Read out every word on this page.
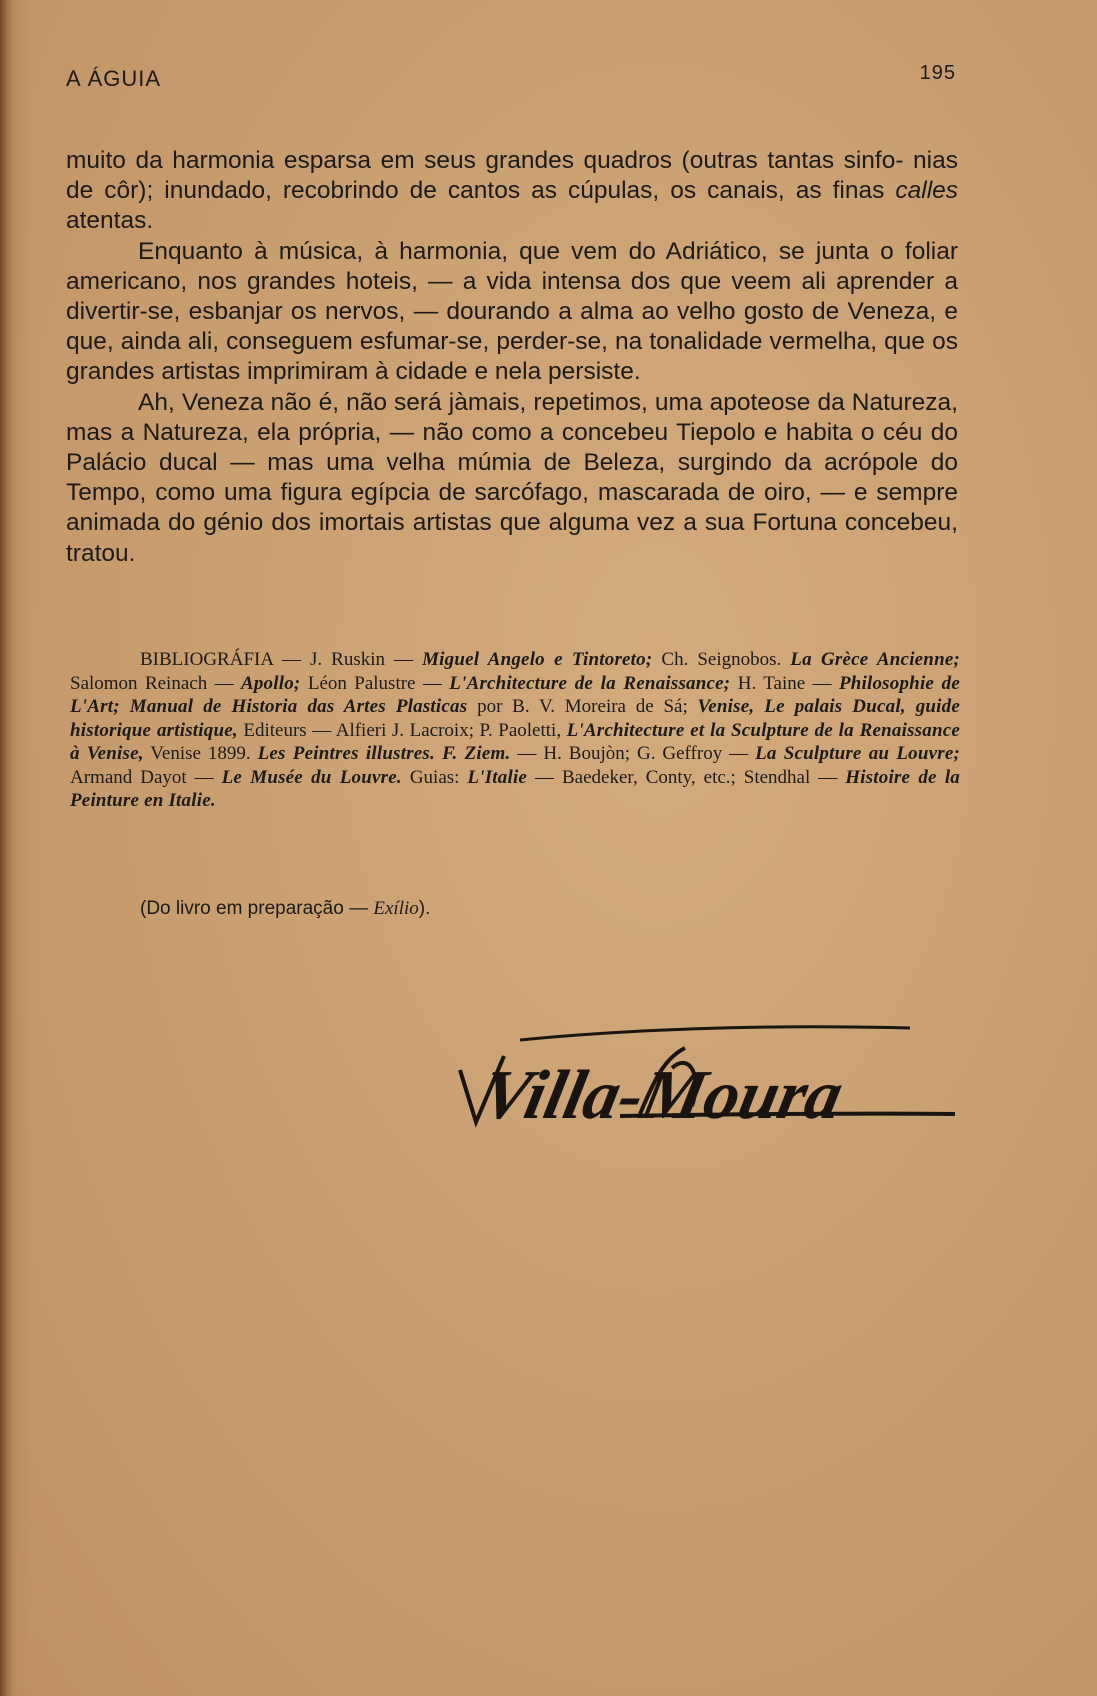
A ÁGUIA	195

muito da harmonia esparsa em seus grandes quadros (outras tantas sinfo- nias de côr); inundado, recobrindo de cantos as cúpulas, os canais, as finas calles atentas.

Enquanto à música, à harmonia, que vem do Adriático, se junta o foliar americano, nos grandes hoteis, — a vida intensa dos que veem ali aprender a divertir-se, esbanjar os nervos, — dourando a alma ao velho gosto de Veneza, e que, ainda ali, conseguem esfumar-se, perder-se, na tonalidade vermelha, que os grandes artistas imprimiram à cidade e nela persiste.

Ah, Veneza não é, não será jàmais, repetimos, uma apoteose da Natureza, mas a Natureza, ela própria, — não como a concebeu Tiepolo e habita o céu do Palácio ducal — mas uma velha múmia de Beleza, surgindo da acrópole do Tempo, como uma figura egípcia de sarcófago, mascarada de oiro, — e sempre animada do génio dos imortais artistas que alguma vez a sua Fortuna concebeu, tratou.

BIBLIOGRÁFIA — J. Ruskin — Miguel Angelo e Tintoreto; Ch. Seignobos. La Grèce Ancienne; Salomon Reinach — Apollo; Léon Palustre — L'Architecture de la Renaissance; H. Taine — Philosophie de L'Art; Manual de Historia das Artes Plasticas por B. V. Moreira de Sá; Venise, Le palais Ducal, guide historique artistique, Editeurs — Alfieri J. Lacroix; P. Paoletti, L'Architecture et la Sculpture de la Renaissance à Venise, Venise 1899. Les Peintres illustres. F. Ziem. — H. Boujòn; G. Geffroy — La Sculpture au Louvre; Armand Dayot — Le Musée du Louvre. Guias: L'Italie — Baedeker, Conty, etc.; Stendhal — Histoire de la Peinture en Italie.
(Do livro em preparação — Exílio).
Villa-Moura
